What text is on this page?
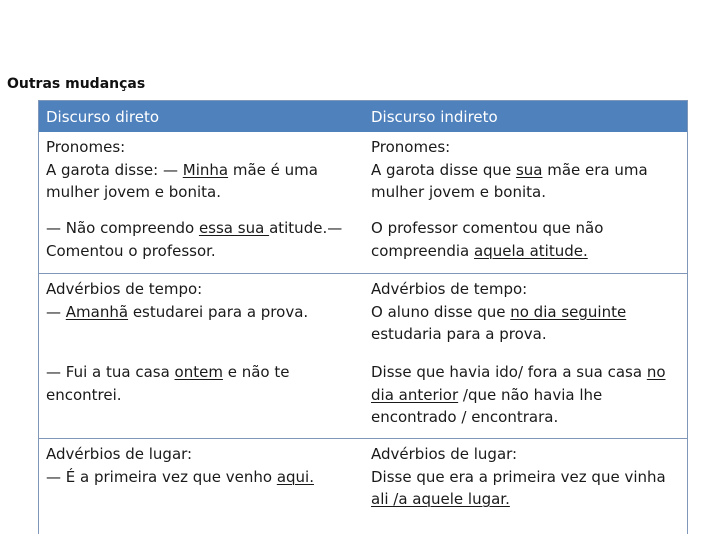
Outras mudanças
Discurso direto	Discurso indireto
Pronomes:
A garota disse: — Minha mãe é uma
mulher jovem e bonita.
Pronomes:
A garota disse que sua mãe era uma
mulher jovem e bonita.
— Não compreendo essa sua atitude.—
Comentou o professor.
O professor comentou que não
compreendia aquela atitude.
Advérbios de tempo:
— Amanhã estudarei para a prova.
Advérbios de tempo:
O aluno disse que no dia seguinte
estudaria para a prova.
— Fui a tua casa ontem e não te
encontrei.
Disse que havia ido/ fora a sua casa no
dia anterior /que não havia lhe
encontrado / encontrara.
Advérbios de lugar:
— É a primeira vez que venho aqui.
Advérbios de lugar:
Disse que era a primeira vez que vinha
ali /a aquele lugar.
